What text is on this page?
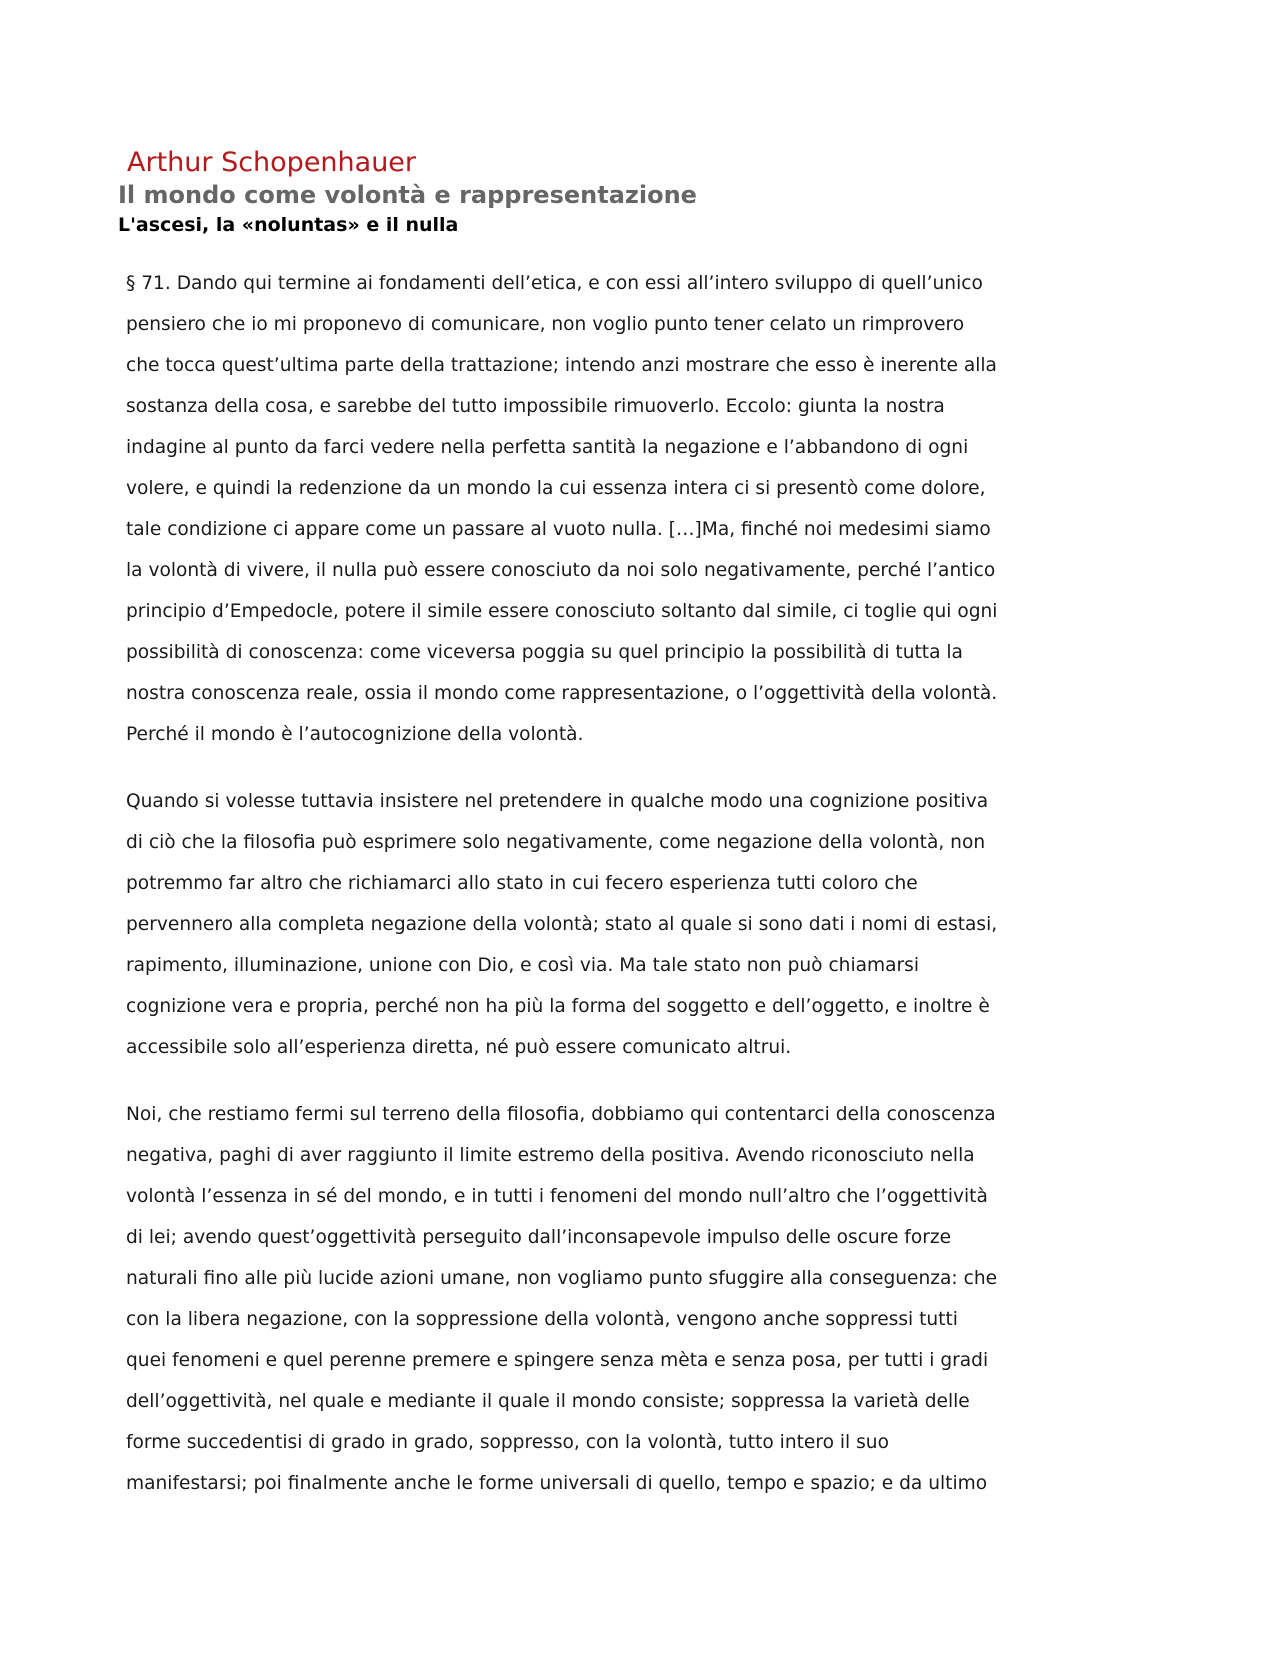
Arthur Schopenhauer
Il mondo come volontà e rappresentazione
L'ascesi, la «noluntas» e il nulla

§ 71. Dando qui termine ai fondamenti dell’etica, e con essi all’intero sviluppo di quell’unico
pensiero che io mi proponevo di comunicare, non voglio punto tener celato un rimprovero
che tocca quest’ultima parte della trattazione; intendo anzi mostrare che esso è inerente alla
sostanza della cosa, e sarebbe del tutto impossibile rimuoverlo. Eccolo: giunta la nostra
indagine al punto da farci vedere nella perfetta santità la negazione e l’abbandono di ogni
volere, e quindi la redenzione da un mondo la cui essenza intera ci si presentò come dolore,
tale condizione ci appare come un passare al vuoto nulla. […]Ma, finché noi medesimi siamo
la volontà di vivere, il nulla può essere conosciuto da noi solo negativamente, perché l’antico
principio d’Empedocle, potere il simile essere conosciuto soltanto dal simile, ci toglie qui ogni
possibilità di conoscenza: come viceversa poggia su quel principio la possibilità di tutta la
nostra conoscenza reale, ossia il mondo come rappresentazione, o l’oggettività della volontà.
Perché il mondo è l’autocognizione della volontà.

Quando si volesse tuttavia insistere nel pretendere in qualche modo una cognizione positiva
di ciò che la filosofia può esprimere solo negativamente, come negazione della volontà, non
potremmo far altro che richiamarci allo stato in cui fecero esperienza tutti coloro che
pervennero alla completa negazione della volontà; stato al quale si sono dati i nomi di estasi,
rapimento, illuminazione, unione con Dio, e così via. Ma tale stato non può chiamarsi
cognizione vera e propria, perché non ha più la forma del soggetto e dell’oggetto, e inoltre è
accessibile solo all’esperienza diretta, né può essere comunicato altrui.

Noi, che restiamo fermi sul terreno della filosofia, dobbiamo qui contentarci della conoscenza
negativa, paghi di aver raggiunto il limite estremo della positiva. Avendo riconosciuto nella
volontà l’essenza in sé del mondo, e in tutti i fenomeni del mondo null’altro che l’oggettività
di lei; avendo quest’oggettività perseguito dall’inconsapevole impulso delle oscure forze
naturali fino alle più lucide azioni umane, non vogliamo punto sfuggire alla conseguenza: che
con la libera negazione, con la soppressione della volontà, vengono anche soppressi tutti
quei fenomeni e quel perenne premere e spingere senza mèta e senza posa, per tutti i gradi
dell’oggettività, nel quale e mediante il quale il mondo consiste; soppressa la varietà delle
forme succedentisi di grado in grado, soppresso, con la volontà, tutto intero il suo
manifestarsi; poi finalmente anche le forme universali di quello, tempo e spazio; e da ultimo
